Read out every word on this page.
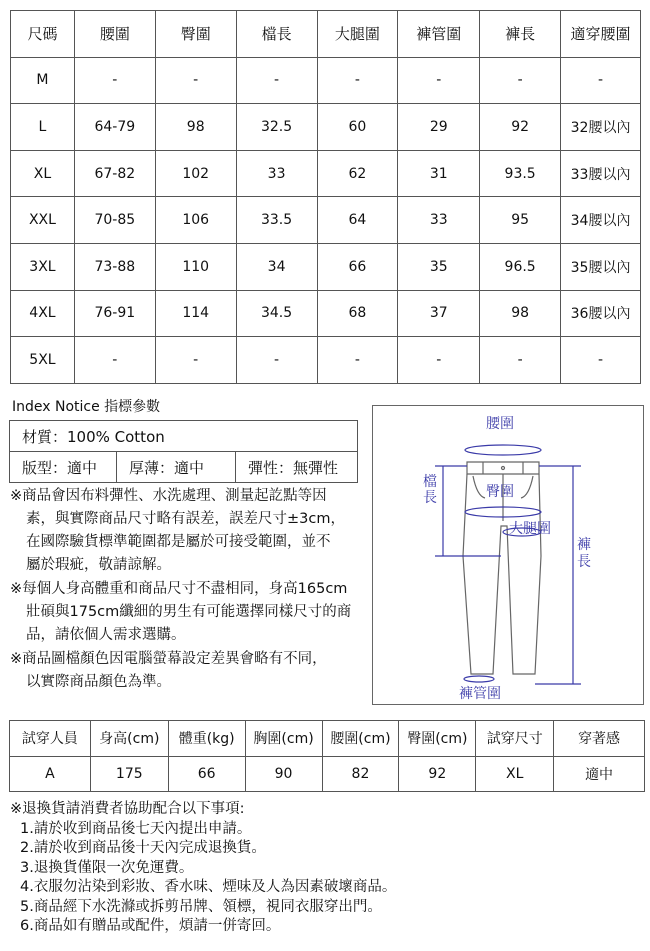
尺碼	腰圍	臀圍	檔長	大腿圍	褲管圍	褲長	適穿腰圍
M	-	-	-	-	-	-	-
L	64-79	98	32.5	60	29	92	32腰以內
XL	67-82	102	33	62	31	93.5	33腰以內
XXL	70-85	106	33.5	64	33	95	34腰以內
3XL	73-88	110	34	66	35	96.5	35腰以內
4XL	76-91	114	34.5	68	37	98	36腰以內
5XL	-	-	-	-	-	-	-
Index Notice 指標參數
材質：100% Cotton
版型：適中	厚薄：適中	彈性：無彈性
※商品會因布料彈性、水洗處理、測量起訖點等因
素，與實際商品尺寸略有誤差，誤差尺寸±3cm，
在國際驗貨標準範圍都是屬於可接受範圍，並不
屬於瑕疵，敬請諒解。
※每個人身高體重和商品尺寸不盡相同，身高165cm
壯碩與175cm纖細的男生有可能選擇同樣尺寸的商
品，請依個人需求選購。
※商品圖檔顏色因電腦螢幕設定差異會略有不同，
以實際商品顏色為準。
腰圍
臀圍
檔
長
大腿圍
褲
長
褲管圍
試穿人員	身高(cm)	體重(kg)	胸圍(cm)	腰圍(cm)	臀圍(cm)	試穿尺寸	穿著感
A	175	66	90	82	92	XL	適中
※退換貨請消費者協助配合以下事項:
1.請於收到商品後七天內提出申請。
2.請於收到商品後十天內完成退換貨。
3.退換貨僅限一次免運費。
4.衣服勿沾染到彩妝、香水味、煙味及人為因素破壞商品。
5.商品經下水洗滌或拆剪吊牌、領標，視同衣服穿出門。
6.商品如有贈品或配件，煩請一併寄回。
